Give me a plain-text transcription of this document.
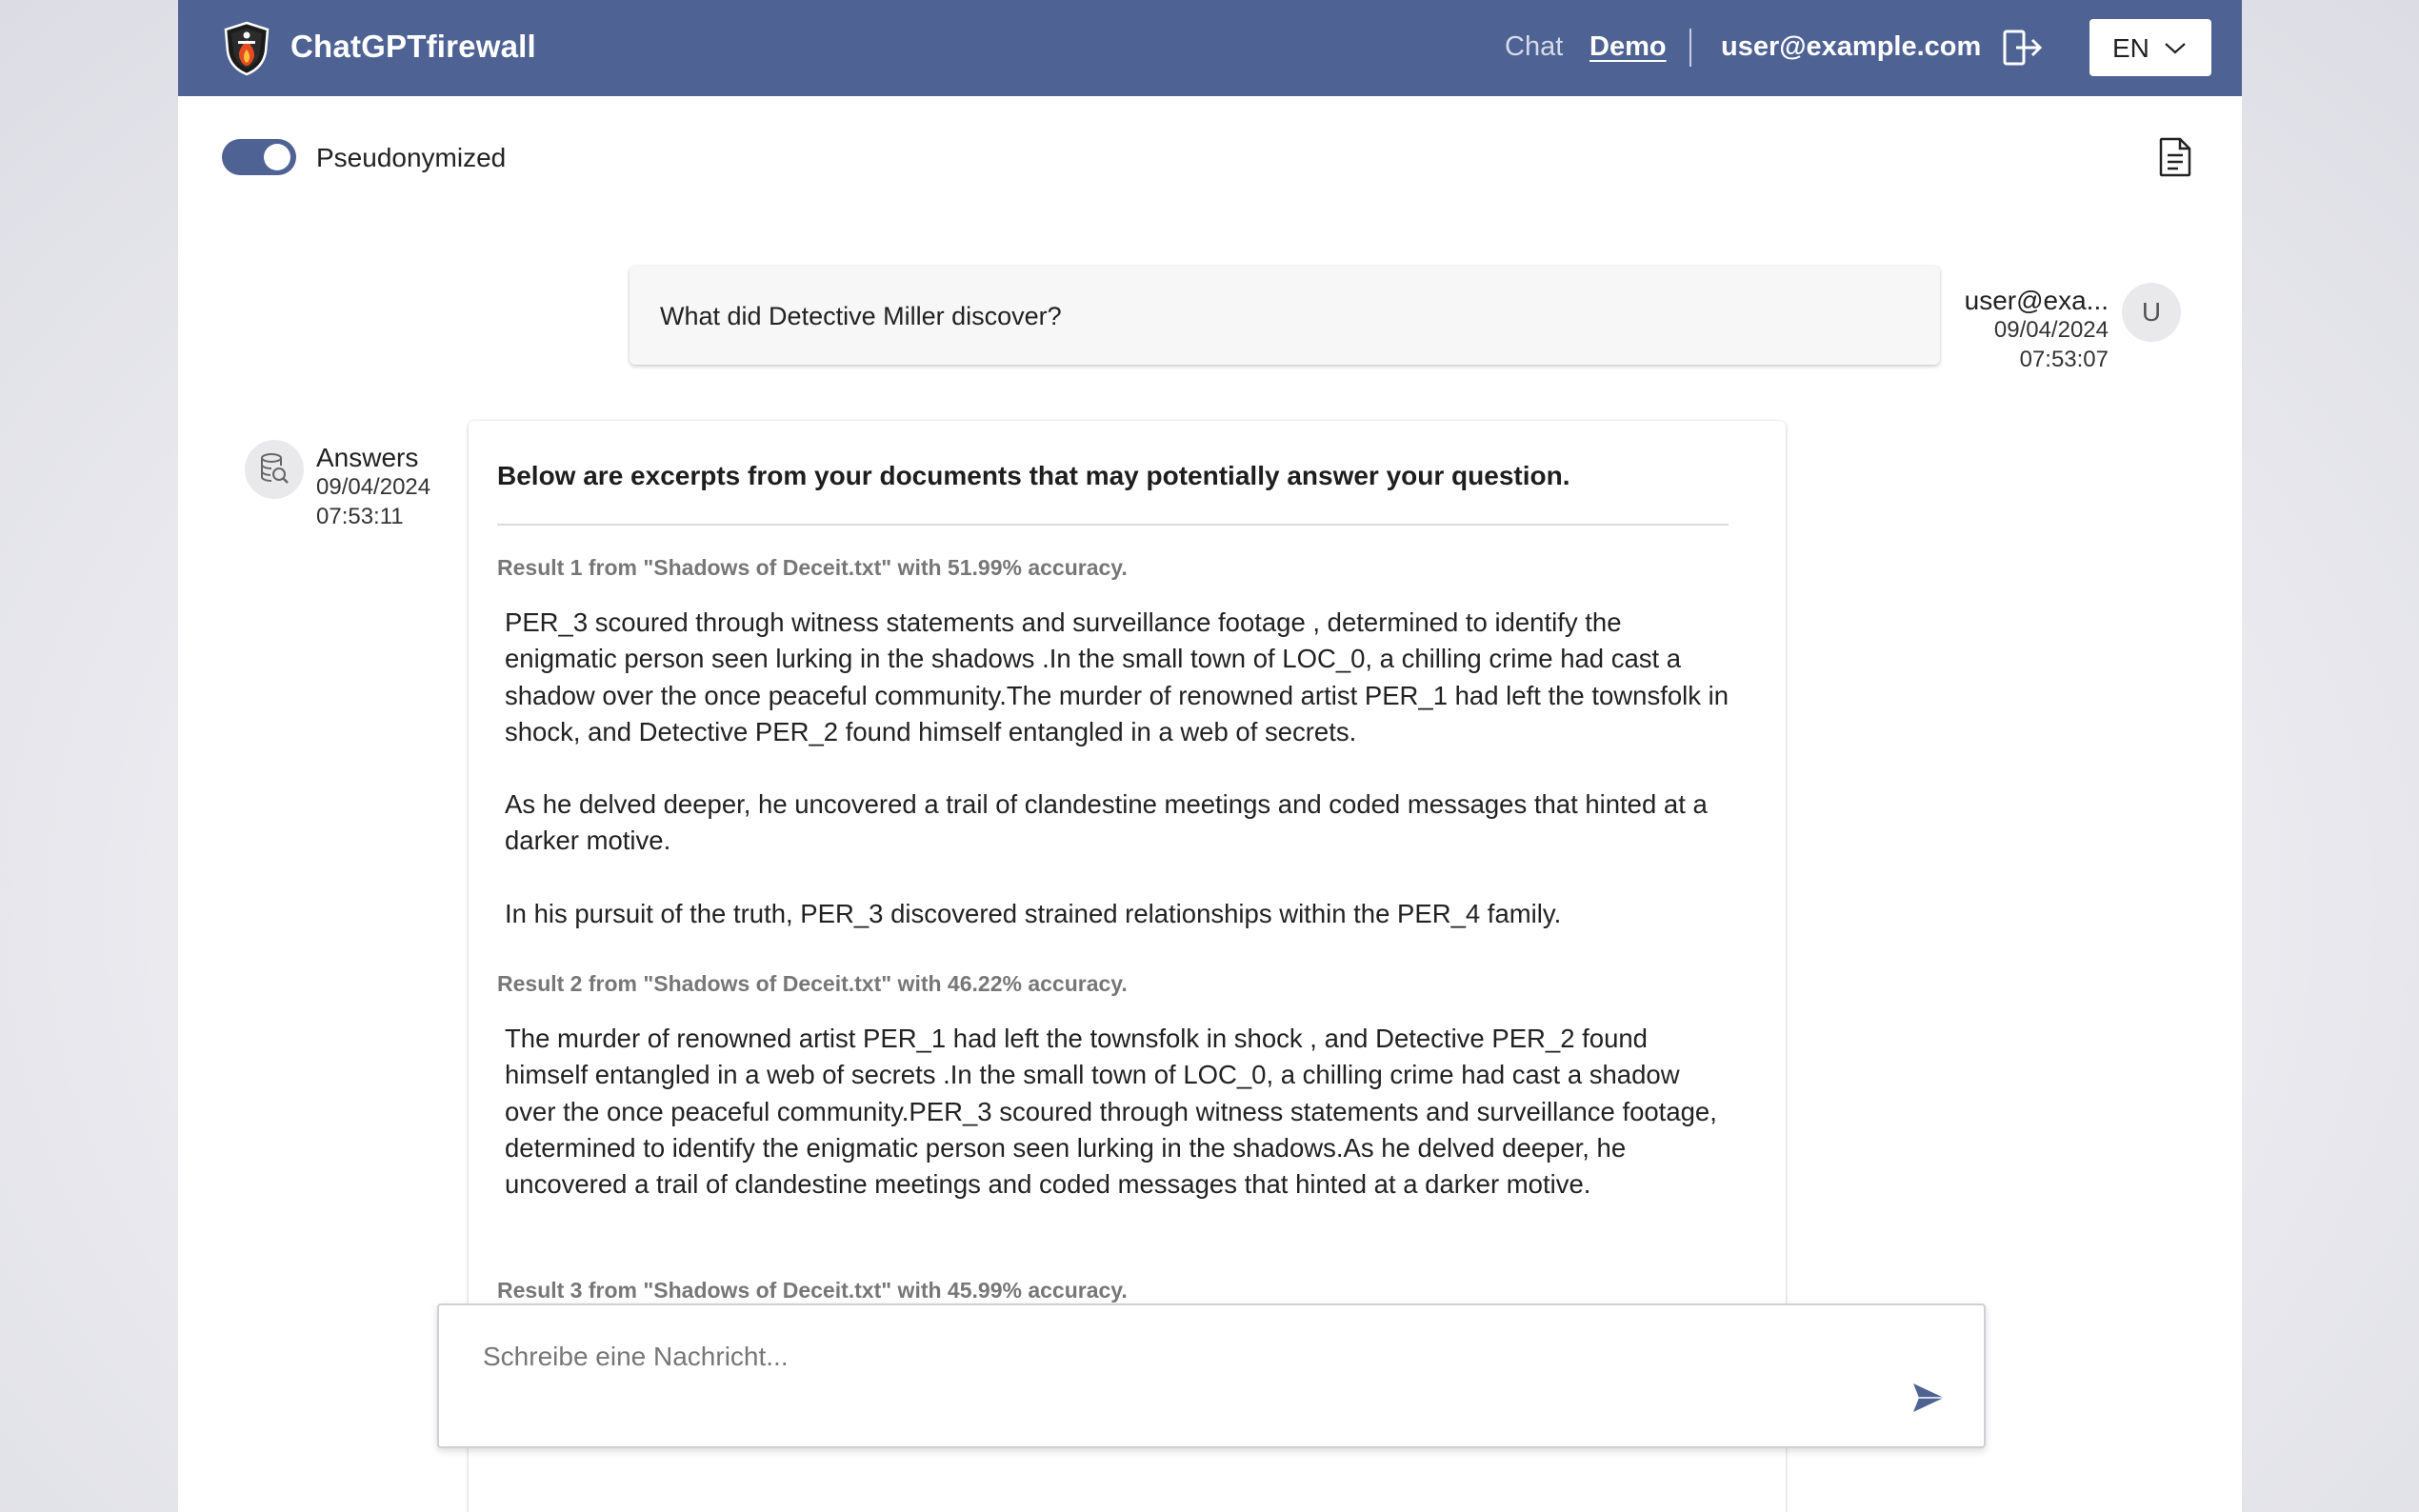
ChatGPTfirewall	Chat Demo user@example.com	EN
Pseudonymized
What did Detective Miller discover?
user@exa...
09/04/2024
07:53:07
U
Answers
09/04/2024
07:53:11
Below are excerpts from your documents that may potentially answer your question.
Result 1 from "Shadows of Deceit.txt" with 51.99% accuracy.

PER_3 scoured through witness statements and surveillance footage , determined to identify the enigmatic person seen lurking in the shadows .In the small town of LOC_0, a chilling crime had cast a shadow over the once peaceful community.The murder of renowned artist PER_1 had left the townsfolk in shock, and Detective PER_2 found himself entangled in a web of secrets.

As he delved deeper, he uncovered a trail of clandestine meetings and coded messages that hinted at a darker motive.

In his pursuit of the truth, PER_3 discovered strained relationships within the PER_4 family.

Result 2 from "Shadows of Deceit.txt" with 46.22% accuracy.

The murder of renowned artist PER_1 had left the townsfolk in shock , and Detective PER_2 found himself entangled in a web of secrets .In the small town of LOC_0, a chilling crime had cast a shadow over the once peaceful community.PER_3 scoured through witness statements and surveillance footage, determined to identify the enigmatic person seen lurking in the shadows.As he delved deeper, he uncovered a trail of clandestine meetings and coded messages that hinted at a darker motive.

Result 3 from "Shadows of Deceit.txt" with 45.99% accuracy.
Schreibe eine Nachricht...
